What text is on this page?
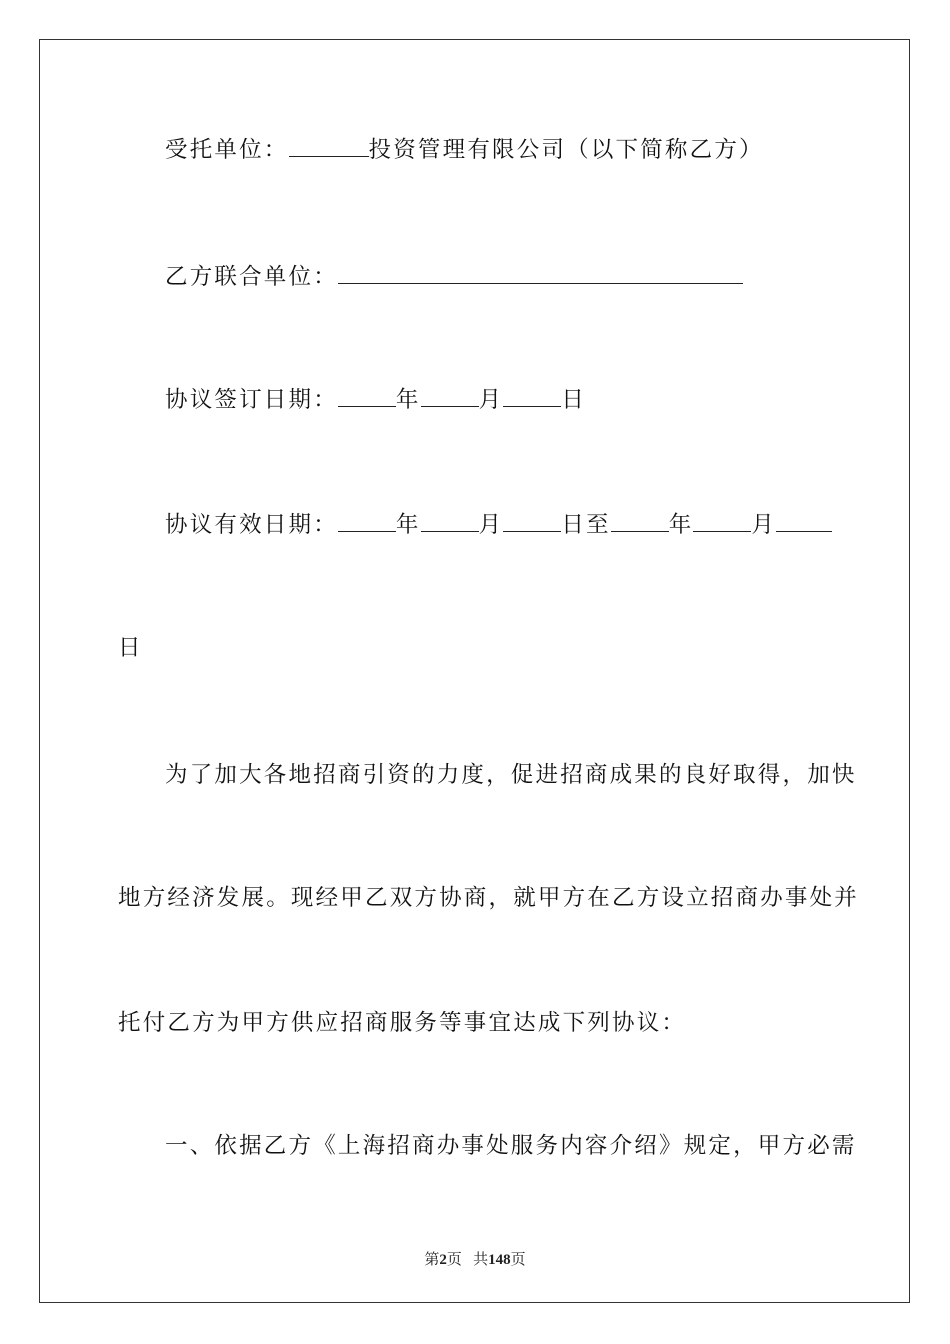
受托单位：	投资管理有限公司（以下简称乙方）
乙方联合单位：
协议签订日期：	年	月	日
协议有效日期：	年	月	日至	年	月
日
为了加大各地招商引资的力度，促进招商成果的良好取得，加快
地方经济发展。现经甲乙双方协商，就甲方在乙方设立招商办事处并
托付乙方为甲方供应招商服务等事宜达成下列协议：
一、依据乙方《上海招商办事处服务内容介绍》规定，甲方必需
第2页 共148页
